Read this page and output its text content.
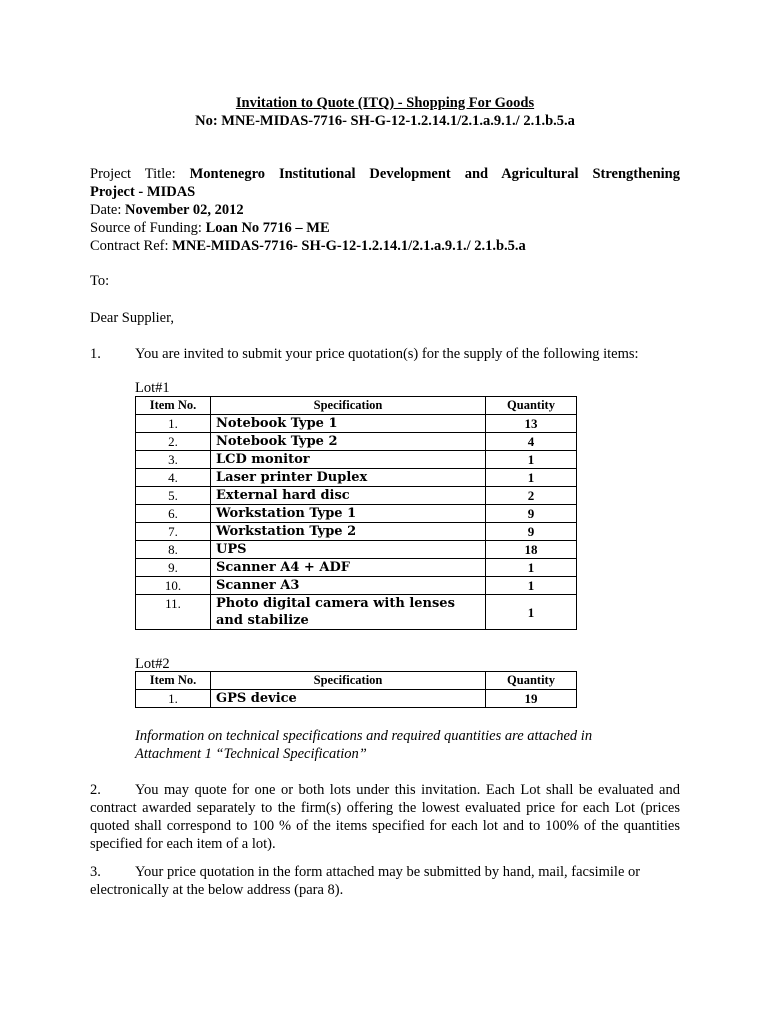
Invitation to Quote (ITQ) - Shopping For Goods
No: MNE-MIDAS-7716- SH-G-12-1.2.14.1/2.1.a.9.1./ 2.1.b.5.a
Project Title: Montenegro Institutional Development and Agricultural Strengthening
Project - MIDAS
Date: November 02, 2012
Source of Funding: Loan No 7716 – ME
Contract Ref: MNE-MIDAS-7716- SH-G-12-1.2.14.1/2.1.a.9.1./ 2.1.b.5.a
To:
Dear Supplier,
1. You are invited to submit your price quotation(s) for the supply of the following items:
Lot#1
Item No.	Specification	Quantity
1.	Notebook Type 1	13
2.	Notebook Type 2	4
3.	LCD monitor	1
4.	Laser printer Duplex	1
5.	External hard disc	2
6.	Workstation Type 1	9
7.	Workstation Type 2	9
8.	UPS	18
9.	Scanner A4 + ADF	1
10.	Scanner A3	1
11.	Photo digital camera with lenses and stabilize	1
Lot#2
Item No.	Specification	Quantity
1.	GPS device	19
Information on technical specifications and required quantities are attached in
Attachment 1 “Technical Specification”
2. You may quote for one or both lots under this invitation. Each Lot shall be evaluated and contract awarded separately to the firm(s) offering the lowest evaluated price for each Lot (prices quoted shall correspond to 100 % of the items specified for each lot and to 100% of the quantities specified for each item of a lot).
3. Your price quotation in the form attached may be submitted by hand, mail, facsimile or electronically at the below address (para 8).
